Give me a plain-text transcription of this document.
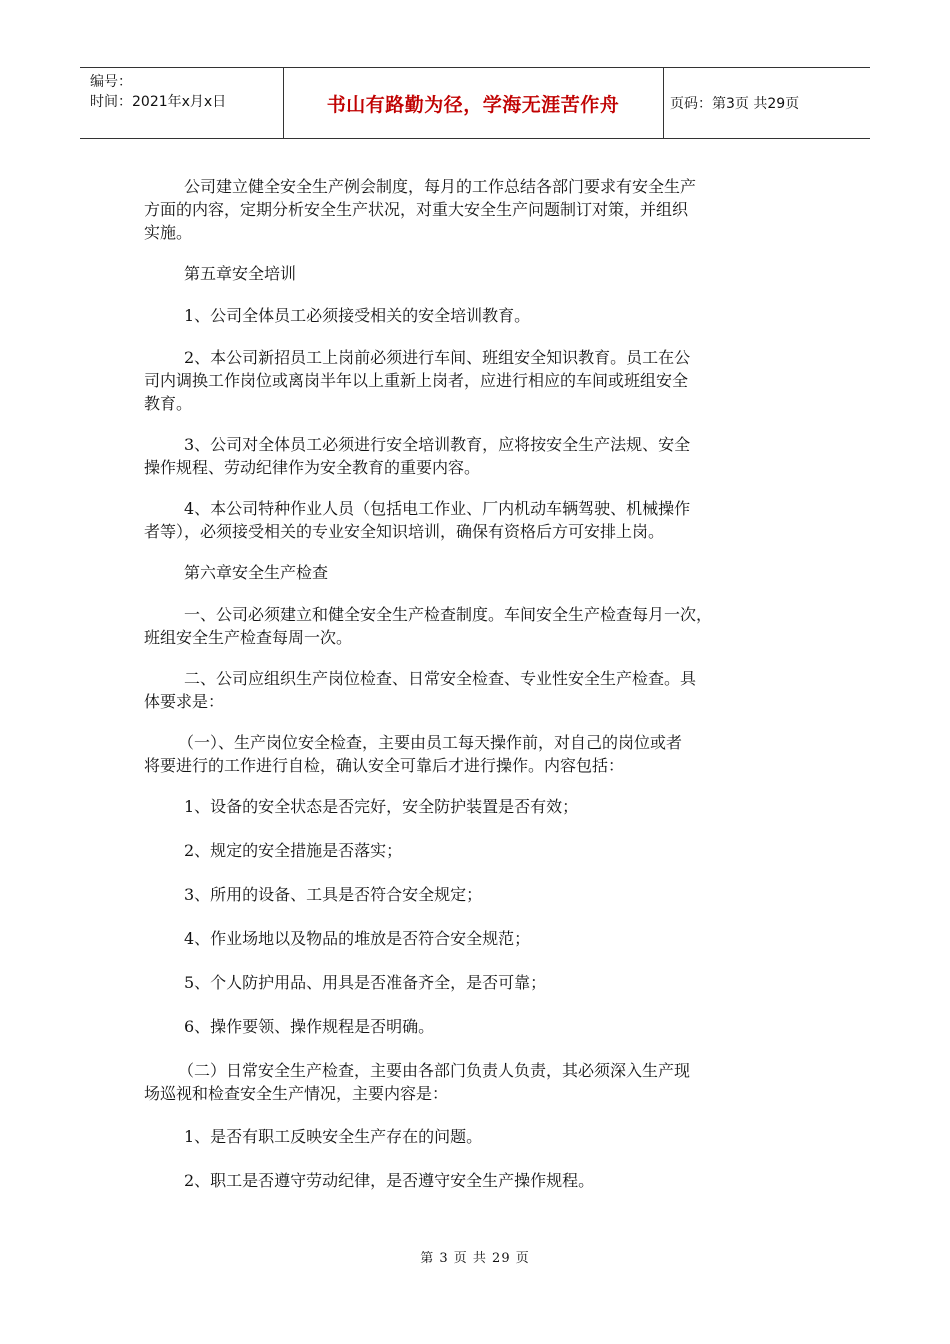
编号：
时间：2021年x月x日	书山有路勤为径，学海无涯苦作舟	页码：第3页 共29页
公司建立健全安全生产例会制度，每月的工作总结各部门要求有安全生产
方面的内容，定期分析安全生产状况，对重大安全生产问题制订对策，并组织
实施。
第五章安全培训
1、公司全体员工必须接受相关的安全培训教育。
2、本公司新招员工上岗前必须进行车间、班组安全知识教育。员工在公
司内调换工作岗位或离岗半年以上重新上岗者，应进行相应的车间或班组安全
教育。
3、公司对全体员工必须进行安全培训教育，应将按安全生产法规、安全
操作规程、劳动纪律作为安全教育的重要内容。
4、本公司特种作业人员（包括电工作业、厂内机动车辆驾驶、机械操作
者等），必须接受相关的专业安全知识培训，确保有资格后方可安排上岗。
第六章安全生产检查
一、公司必须建立和健全安全生产检查制度。车间安全生产检查每月一次，
班组安全生产检查每周一次。
二、公司应组织生产岗位检查、日常安全检查、专业性安全生产检查。具
体要求是：
（一）、生产岗位安全检查，主要由员工每天操作前，对自己的岗位或者
将要进行的工作进行自检，确认安全可靠后才进行操作。内容包括：
1、设备的安全状态是否完好，安全防护装置是否有效；
2、规定的安全措施是否落实；
3、所用的设备、工具是否符合安全规定；
4、作业场地以及物品的堆放是否符合安全规范；
5、个人防护用品、用具是否准备齐全，是否可靠；
6、操作要领、操作规程是否明确。
（二）日常安全生产检查，主要由各部门负责人负责，其必须深入生产现
场巡视和检查安全生产情况，主要内容是：
1、是否有职工反映安全生产存在的问题。
2、职工是否遵守劳动纪律，是否遵守安全生产操作规程。
第 3 页 共 29 页
